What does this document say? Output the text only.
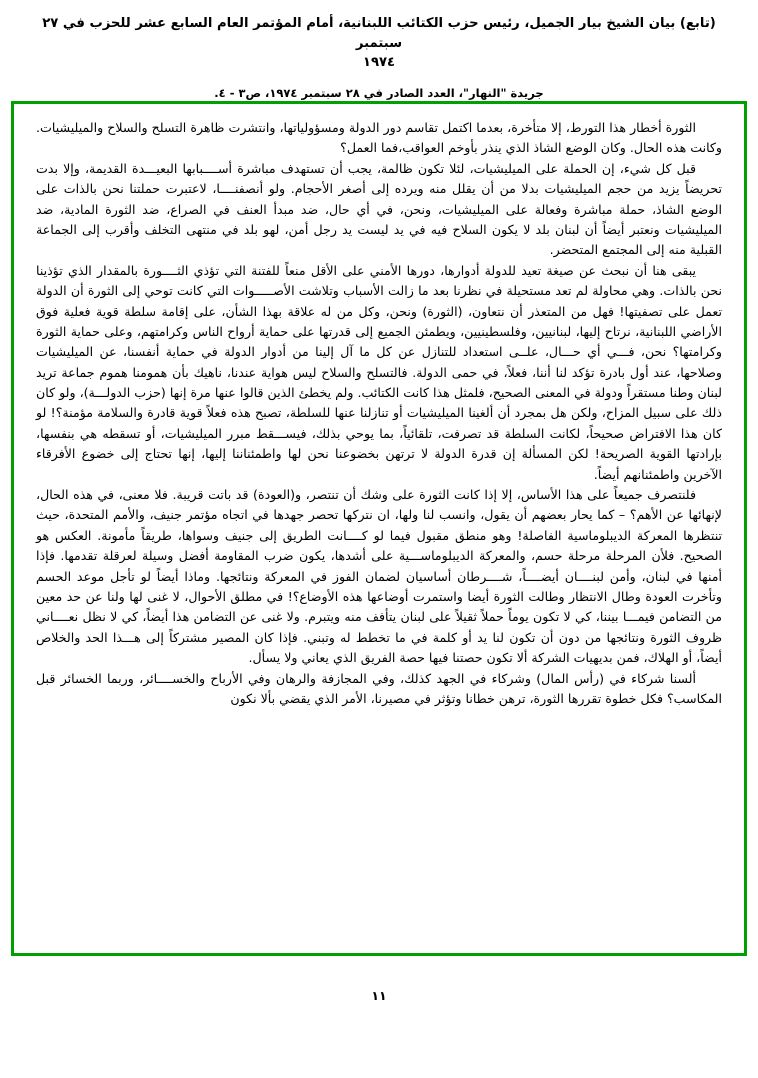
(تابع) بيان الشيخ بيار الجميل، رئيس حزب الكتائب اللبنانية، أمام المؤتمر العام السابع عشر للحزب في ٢٧ سبتمبر
١٩٧٤
جريدة "النهار"، العدد الصادر في ٢٨ سبتمبر ١٩٧٤، ص٣ - ٤.

الثورة أخطار هذا التورط، إلا متأخرة، بعدما اكتمل تقاسم دور الدولة ومسؤولياتها، وانتشرت ظاهرة التسلح والسلاح والميليشيات. وكانت هذه الحال. وكان الوضع الشاذ الذي ينذر بأوخم العواقب،فما العمل؟

قبل كل شيء، إن الحملة على الميليشيات، لئلا تكون ظالمة، يجب أن تستهدف مباشرة أســــبابها البعيـــدة القديمة، وإلا بدت تحريضاً يزيد من حجم الميليشيات بدلا من أن يقلل منه ويرده إلى أصغر الأحجام. ولو أنصفنــــا، لاعتبرت حملتنا نحن بالذات على الوضع الشاذ، حملة مباشرة وفعالة على الميليشيات، ونحن، في أي حال، ضد مبدأ العنف في الصراع، ضد الثورة المادية، ضد الميليشيات ونعتبر أيضاً أن لبنان بلد لا يكون السلاح فيه في يد ليست يد رجل أمن، لهو بلد في منتهى التخلف وأقرب إلى الجماعة القبلية منه إلى المجتمع المتحضر.

يبقى هنا أن نبحث عن صيغة تعيد للدولة أدوارها، دورها الأمني على الأقل منعاً للفتنة التي تؤذي الثــــورة بالمقدار الذي تؤذينا نحن بالذات. وهي محاولة لم تعد مستحيلة في نظرنا بعد ما زالت الأسباب وتلاشت الأصـــــوات التي كانت توحي إلى الثورة أن الدولة تعمل على تصفيتها! فهل من المتعذر أن نتعاون، (الثورة) ونحن، وكل من له علاقة بهذا الشأن، على إقامة سلطة قوية فعلية فوق الأراضي اللبنانية، نرتاح إليها، لبنانيين، وفلسطينيين، ويطمئن الجميع إلى قدرتها على حماية أرواح الناس وكرامتهم، وعلى حماية الثورة وكرامتها؟ نحن، فـــي أي حـــال، علــى استعداد للتنازل عن كل ما آل إلينا من أدوار الدولة في حماية أنفسنا، عن الميليشيات وصلاحها، عند أول بادرة تؤكد لنا أننا، فعلاً، في حمى الدولة. فالتسلح والسلاح ليس هواية عندنا، ناهيك بأن همومنا هموم جماعة تريد لبنان وطنا مستقراً ودولة في المعنى الصحيح، فلمثل هذا كانت الكتائب. ولم يخطئ الذين قالوا عنها مرة إنها (حزب الدولـــة)، ولو كان ذلك على سبيل المزاح، ولكن هل بمجرد أن ألغينا الميليشيات أو تنازلنا عنها للسلطة، تصبح هذه فعلاً قوية قادرة والسلامة مؤمنة؟! لو كان هذا الافتراض صحيحاً، لكانت السلطة قد تصرفت، تلقائياً، بما يوحي بذلك، فيســـقط مبرر الميليشيات، أو تسقطه هي بنفسها، بإرادتها القوية الصريحة! لكن المسألة إن قدرة الدولة لا ترتهن بخضوعنا نحن لها واطمئناننا إليها، إنها تحتاج إلى خضوع الأفرقاء الآخرين واطمئنانهم أيضاً.

فلنتصرف جميعاً على هذا الأساس، إلا إذا كانت الثورة على وشك أن تنتصر، و(العودة) قد باتت قريبة. فلا معنى، في هذه الحال، لإنهائها عن الأهم؟ – كما يحار بعضهم أن يقول، وانسب لنا ولها، ان نتركها تحصر جهدها في اتجاه مؤتمر جنيف، والأمم المتحدة، حيث تنتظرها المعركة الديبلوماسية الفاصلة! وهو منطق مقبول فيما لو كــــانت الطريق إلى جنيف وسواها، طريقاً مأمونة. العكس هو الصحيح. فلأن المرحلة مرحلة حسم، والمعركة الديبلوماســـية على أشدها، يكون ضرب المقاومة أفضل وسيلة لعرقلة تقدمها. فإذا أمنها في لبنان، وأمن لبنــــان أيضــــاً، شــــرطان أساسيان لضمان الفوز في المعركة ونتائجها. وماذا أيضاً لو تأجل موعد الحسم وتأخرت العودة وطال الانتظار وطالت الثورة أيضا واستمرت أوضاعها هذه الأوضاع؟! في مطلق الأحوال، لا غنى لها ولنا عن حد معين من التضامن فيمـــا بيننا، كي لا تكون يوماً حملاً ثقيلاً على لبنان يتأفف منه ويتبرم. ولا غنى عن التضامن هذا أيضاً، كي لا نظل نعــــاني ظروف الثورة ونتائجها من دون أن تكون لنا يد أو كلمة في ما تخطط له وتبني. فإذا كان المصير مشتركاً إلى هـــذا الحد والخلاص أيضاً، أو الهلاك، فمن بديهيات الشركة ألا تكون حصتنا فيها حصة الفريق الذي يعاني ولا يسأل.

ألسنا شركاء في (رأس المال) وشركاء في الجهد كذلك، وفي المجازفة والرهان وفي الأرباح والخســــائر، وربما الخسائر قبل المكاسب؟ فكل خطوة تقررها الثورة، ترهن خطانا وتؤثر في مصيرنا، الأمر الذي يقضي بألا نكون

١١
